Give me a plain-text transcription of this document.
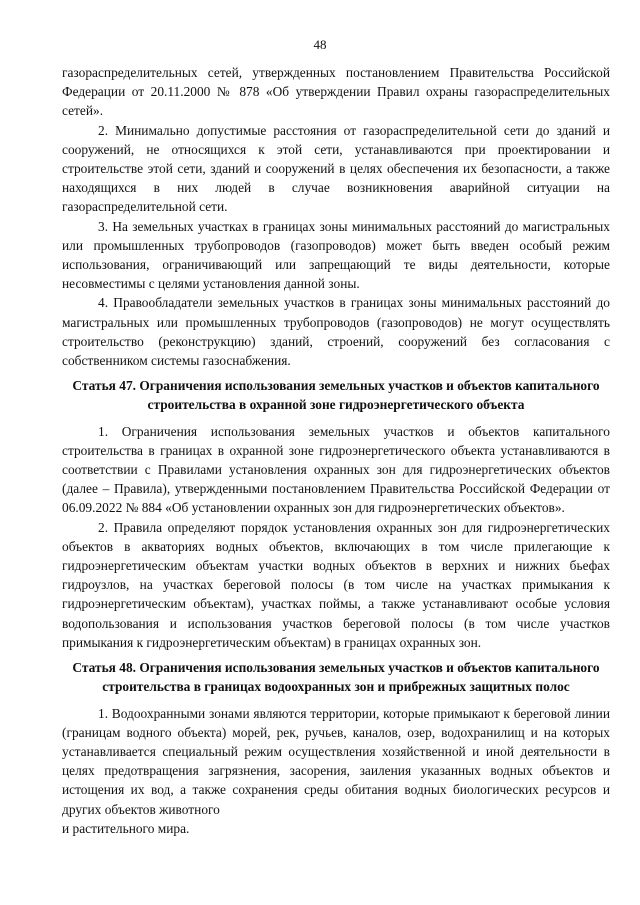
48

газораспределительных сетей, утвержденных постановлением Правительства Российской Федерации от 20.11.2000 № 878 «Об утверждении Правил охраны газораспределительных сетей».

2. Минимально допустимые расстояния от газораспределительной сети до зданий и сооружений, не относящихся к этой сети, устанавливаются при проектировании и строительстве этой сети, зданий и сооружений в целях обеспечения их безопасности, а также находящихся в них людей в случае возникновения аварийной ситуации на газораспределительной сети.

3. На земельных участках в границах зоны минимальных расстояний до магистральных или промышленных трубопроводов (газопроводов) может быть введен особый режим использования, ограничивающий или запрещающий те виды деятельности, которые несовместимы с целями установления данной зоны.

4. Правообладатели земельных участков в границах зоны минимальных расстояний до магистральных или промышленных трубопроводов (газопроводов) не могут осуществлять строительство (реконструкцию) зданий, строений, сооружений без согласования с собственником системы газоснабжения.

Статья 47. Ограничения использования земельных участков и объектов капитального строительства в охранной зоне гидроэнергетического объекта

1. Ограничения использования земельных участков и объектов капитального строительства в границах в охранной зоне гидроэнергетического объекта устанавливаются в соответствии с Правилами установления охранных зон для гидроэнергетических объектов (далее – Правила), утвержденными постановлением Правительства Российской Федерации от 06.09.2022 № 884 «Об установлении охранных зон для гидроэнергетических объектов».

2. Правила определяют порядок установления охранных зон для гидроэнергетических объектов в акваториях водных объектов, включающих в том числе прилегающие к гидроэнергетическим объектам участки водных объектов в верхних и нижних бьефах гидроузлов, на участках береговой полосы (в том числе на участках примыкания к гидроэнергетическим объектам), участках поймы, а также устанавливают особые условия водопользования и использования участков береговой полосы (в том числе участков примыкания к гидроэнергетическим объектам) в границах охранных зон.

Статья 48. Ограничения использования земельных участков и объектов капитального строительства в границах водоохранных зон и прибрежных защитных полос

1. Водоохранными зонами являются территории, которые примыкают к береговой линии (границам водного объекта) морей, рек, ручьев, каналов, озер, водохранилищ и на которых устанавливается специальный режим осуществления хозяйственной и иной деятельности в целях предотвращения загрязнения, засорения, заиления указанных водных объектов и истощения их вод, а также сохранения среды обитания водных биологических ресурсов и других объектов животного

и растительного мира.
